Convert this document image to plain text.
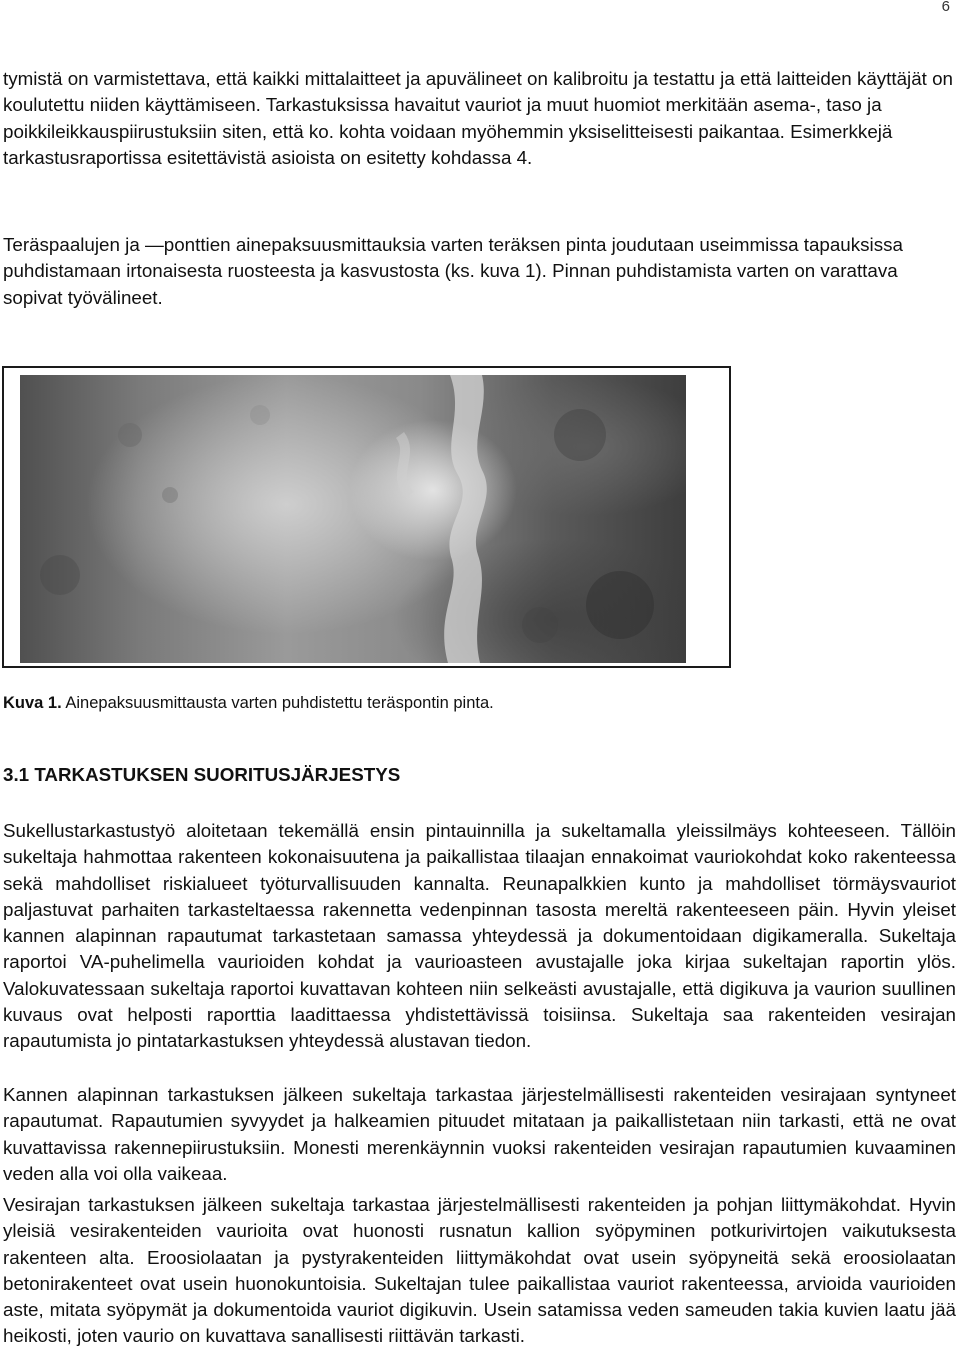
6

tymistä on varmistettava, että kaikki mittalaitteet ja apuvälineet on kalibroitu ja testattu ja että laitteiden käyttäjät on koulutettu niiden käyttämiseen. Tarkastuksissa havaitut vauriot ja muut huomiot merkitään asema-, taso ja poikkileikkauspiirustuksiin siten, että ko. kohta voidaan myöhemmin yksiselitteisesti paikantaa. Esimerkkejä tarkastusraportissa esitettävistä asioista on esitetty kohdassa 4.

Teräspaalujen ja —ponttien ainepaksuusmittauksia varten teräksen pinta joudutaan useimmissa tapauksissa puhdistamaan irtonaisesta ruosteesta ja kasvustosta (ks. kuva 1). Pinnan puhdistamista varten on varattava sopivat työvälineet.

Kuva 1. Ainepaksuusmittausta varten puhdistettu teräspontin pinta.
3.1 TARKASTUKSEN SUORITUSJÄRJESTYS

Sukellustarkastustyö aloitetaan tekemällä ensin pintauinnilla ja sukeltamalla yleissilmäys kohteeseen. Tällöin sukeltaja hahmottaa rakenteen kokonaisuutena ja paikallistaa tilaajan ennakoimat vauriokohdat koko rakenteessa sekä mahdolliset riskialueet työturvallisuuden kannalta. Reunapalkkien kunto ja mahdolliset törmäysvauriot paljastuvat parhaiten tarkasteltaessa rakennetta vedenpinnan tasosta mereltä rakenteeseen päin. Hyvin yleiset kannen alapinnan rapautumat tarkastetaan samassa yhteydessä ja dokumentoidaan digikameralla. Sukeltaja raportoi VA-puhelimella vaurioiden kohdat ja vaurioasteen avustajalle joka kirjaa sukeltajan raportin ylös. Valokuvatessaan sukeltaja raportoi kuvattavan kohteen niin selkeästi avustajalle, että digikuva ja vaurion suullinen kuvaus ovat helposti raporttia laadittaessa yhdistettävissä toisiinsa. Sukeltaja saa rakenteiden vesirajan rapautumista jo pintatarkastuksen yhteydessä alustavan tiedon.

Kannen alapinnan tarkastuksen jälkeen sukeltaja tarkastaa järjestelmällisesti rakenteiden vesirajaan syntyneet rapautumat. Rapautumien syvyydet ja halkeamien pituudet mitataan ja paikallistetaan niin tarkasti, että ne ovat kuvattavissa rakennepiirustuksiin. Monesti merenkäynnin vuoksi rakenteiden vesirajan rapautumien kuvaaminen veden alla voi olla vaikeaa.

Vesirajan tarkastuksen jälkeen sukeltaja tarkastaa järjestelmällisesti rakenteiden ja pohjan liittymäkohdat. Hyvin yleisiä vesirakenteiden vaurioita ovat huonosti rusnatun kallion syöpyminen potkurivirtojen vaikutuksesta rakenteen alta. Eroosiolaatan ja pystyrakenteiden liittymäkohdat ovat usein syöpyneitä sekä eroosiolaatan betonirakenteet ovat usein huonokuntoisia. Sukeltajan tulee paikallistaa vauriot rakenteessa, arvioida vaurioiden aste, mitata syöpymät ja dokumentoida vauriot digikuvin. Usein satamissa veden sameuden takia kuvien laatu jää heikosti, joten vaurio on kuvattava sanallisesti riittävän tarkasti.
